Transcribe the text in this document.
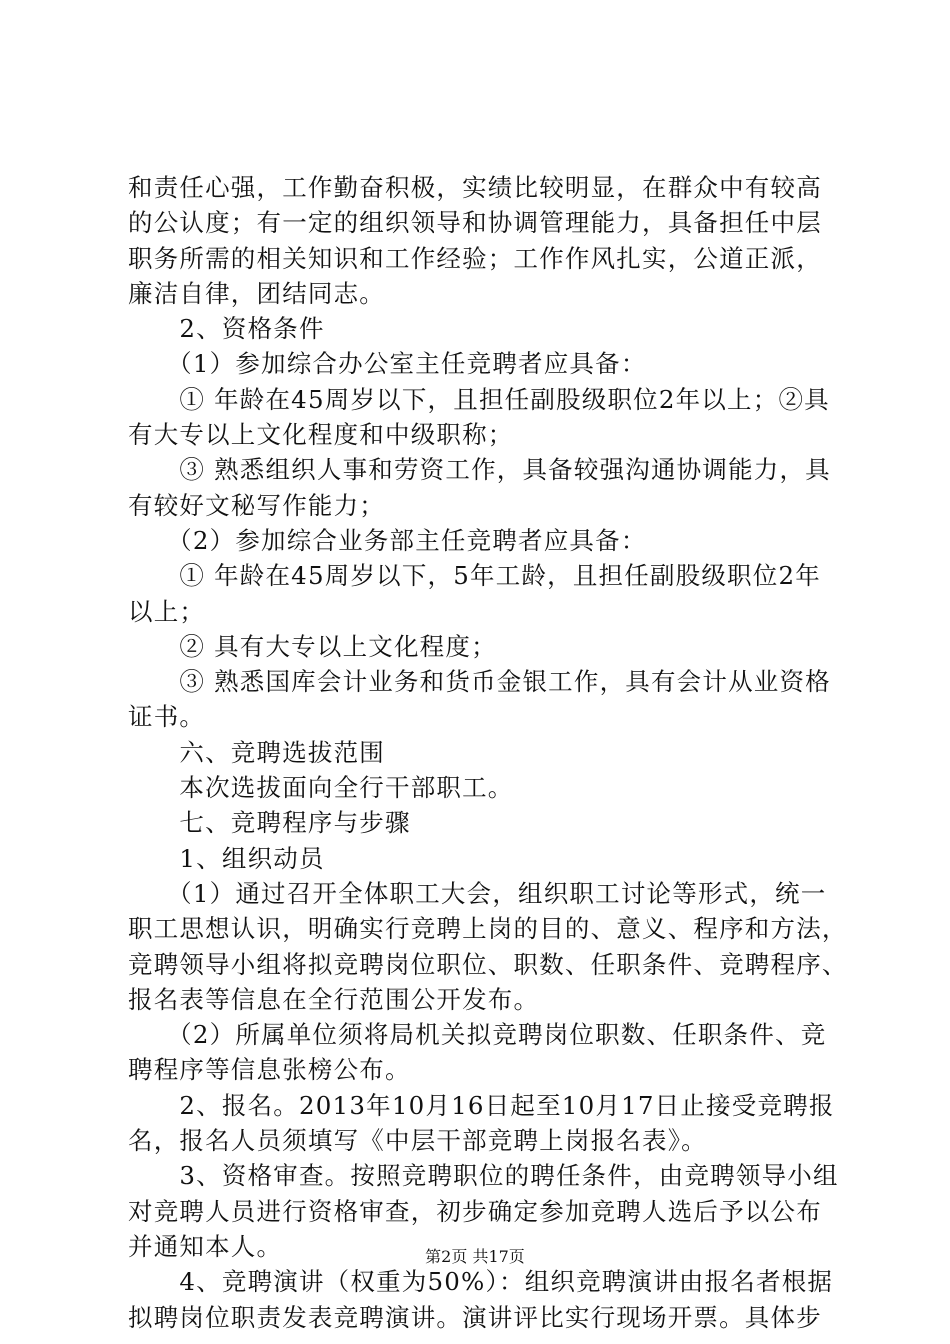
和责任心强，工作勤奋积极，实绩比较明显，在群众中有较高

的公认度；有一定的组织领导和协调管理能力，具备担任中层

职务所需的相关知识和工作经验；工作作风扎实，公道正派，

廉洁自律，团结同志。

　　2、资格条件

　　（1）参加综合办公室主任竞聘者应具备：

　　① 年龄在45周岁以下，且担任副股级职位2年以上；②具

有大专以上文化程度和中级职称；

　　③ 熟悉组织人事和劳资工作，具备较强沟通协调能力，具

有较好文秘写作能力；

　　（2）参加综合业务部主任竞聘者应具备：

　　① 年龄在45周岁以下，5年工龄，且担任副股级职位2年

以上；

　　② 具有大专以上文化程度；

　　③ 熟悉国库会计业务和货币金银工作，具有会计从业资格

证书。

　　六、竞聘选拔范围

　　本次选拔面向全行干部职工。

　　七、竞聘程序与步骤

　　1、组织动员

　　（1）通过召开全体职工大会，组织职工讨论等形式，统一

职工思想认识，明确实行竞聘上岗的目的、意义、程序和方法，

竞聘领导小组将拟竞聘岗位职位、职数、任职条件、竞聘程序、

报名表等信息在全行范围公开发布。

　　（2）所属单位须将局机关拟竞聘岗位职数、任职条件、竞

聘程序等信息张榜公布。

　　2、报名。2013年10月16日起至10月17日止接受竞聘报

名，报名人员须填写《中层干部竞聘上岗报名表》。

　　3、资格审查。按照竞聘职位的聘任条件，由竞聘领导小组

对竞聘人员进行资格审查，初步确定参加竞聘人选后予以公布

并通知本人。

　　4、竞聘演讲（权重为50%）：组织竞聘演讲由报名者根据

拟聘岗位职责发表竞聘演讲。演讲评比实行现场开票。具体步

第2页 共17页
